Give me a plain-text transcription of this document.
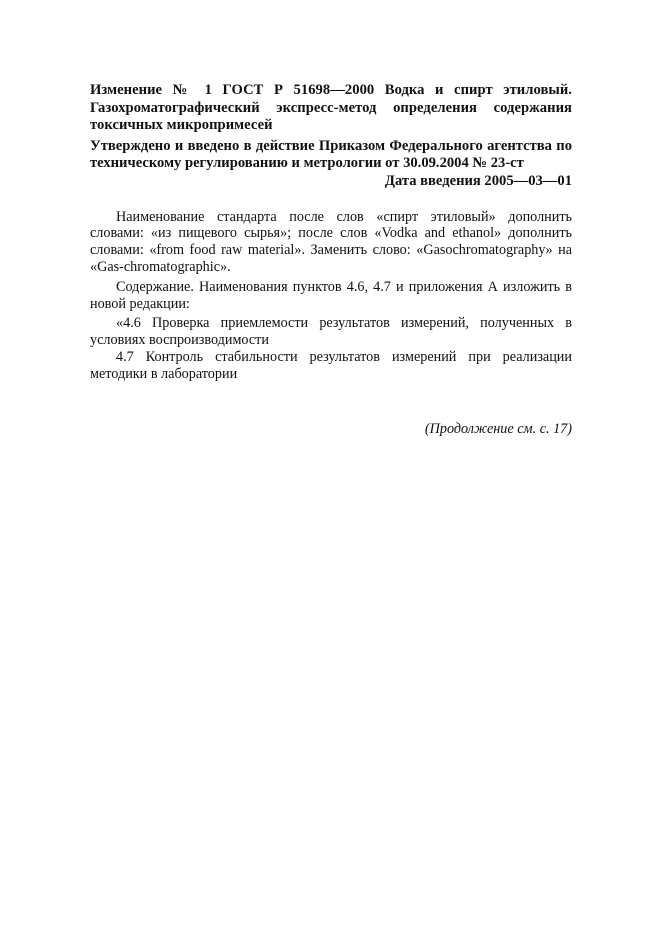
Изменение № 1 ГОСТ Р 51698—2000 Водка и спирт этиловый. Газохроматографический экспресс-метод определения содержания токсичных микропримесей

Утверждено и введено в действие Приказом Федерального агентства по техническому регулированию и метрологии от 30.09.2004 № 23-ст

Дата введения 2005—03—01

Наименование стандарта после слов «спирт этиловый» дополнить словами: «из пищевого сырья»; после слов «Vodka and ethanol» дополнить словами: «from food raw material». Заменить слово: «Gasochromatography» на «Gas-chromatographic».

Содержание. Наименования пунктов 4.6, 4.7 и приложения А изложить в новой редакции:

«4.6 Проверка приемлемости результатов измерений, полученных в условиях воспроизводимости

4.7 Контроль стабильности результатов измерений при реализации методики в лаборатории

(Продолжение см. с. 17)
